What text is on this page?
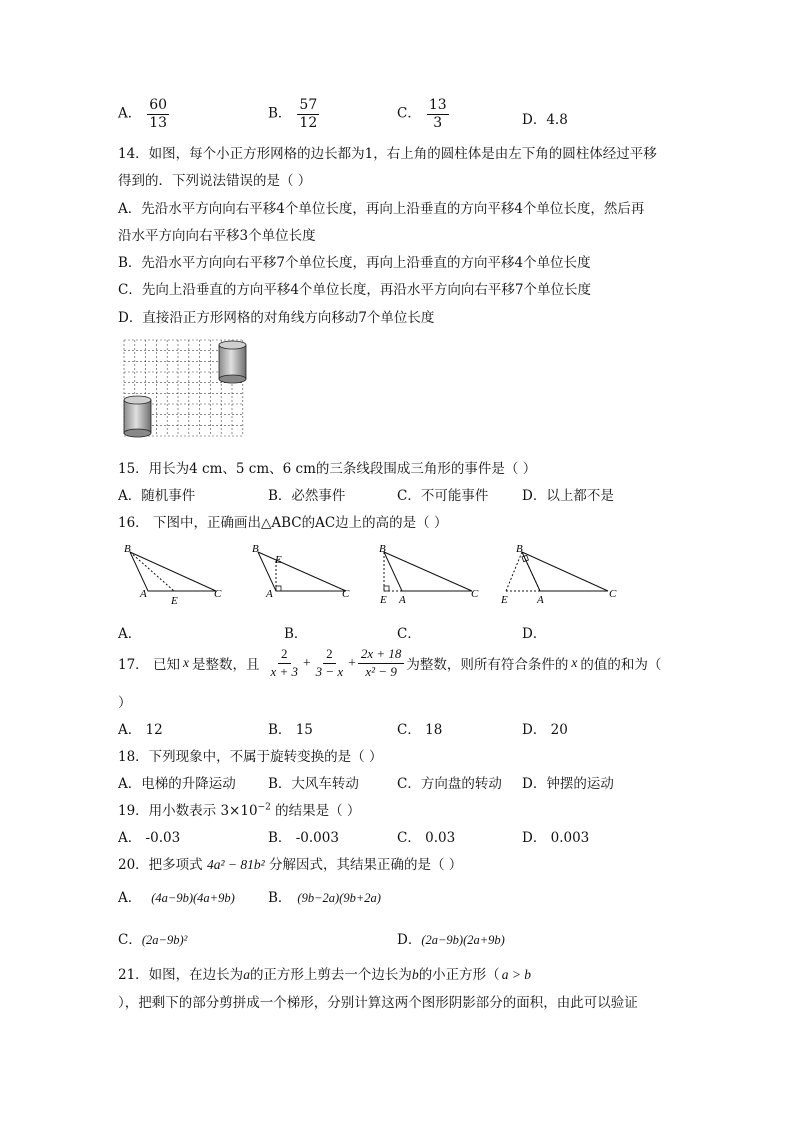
A． $\frac{60}{13}$	B． $\frac{57}{12}$	C． $\frac{13}{3}$	D．4.8
14．如图，每个小正方形网格的边长都为1，右上角的圆柱体是由左下角的圆柱体经过平移
得到的．下列说法错误的是（ ）
A．先沿水平方向向右平移4个单位长度，再向上沿垂直的方向平移4个单位长度，然后再
沿水平方向向右平移3个单位长度
B．先沿水平方向向右平移7个单位长度，再向上沿垂直的方向平移4个单位长度
C．先向上沿垂直的方向平移4个单位长度，再沿水平方向向右平移7个单位长度
D．直接沿正方形网格的对角线方向移动7个单位长度
15．用长为4 cm、5 cm、6 cm的三条线段围成三角形的事件是（ ）
A．随机事件	B．必然事件	C．不可能事件 D．以上都不是
16． 下图中，正确画出△ABC的AC边上的高的是（ ）
B
A
E
C
B
E
A	C
B
E A	C
B
E	A	C
A．	B．	C．	D．
17． 已知 x 是整数，且 $\frac{2}{x + 3} + \frac{2}{3 - x} + \frac{2x + 18}{\text{x² − 9}}$ 为整数，则所有符合条件的 x 的值的和为（
）
A． 12	B． 15	C． 18	D． 20
18．下列现象中，不属于旋转变换的是（ ）
A．电梯的升降运动 B．大风车转动	C．方向盘的转动 D．钟摆的运动
19．用小数表示 $3\times 10^{-2}$ 的结果是（ ）
A． -0.03	B． -0.003	C． 0.03	D． 0.003
20．把多项式 4a² − 81b² 分解因式，其结果正确的是（ ）
A． (4a−9b)(4a+9b) B． (9b−2a)(9b+2a)
C．(2a−9b)²	D．(2a−9b)(2a+9b)
21．如图，在边长为a的正方形上剪去一个边长为b的小正方形（ a > b
），把剩下的部分剪拼成一个梯形，分别计算这两个图形阴影部分的面积，由此可以验证
